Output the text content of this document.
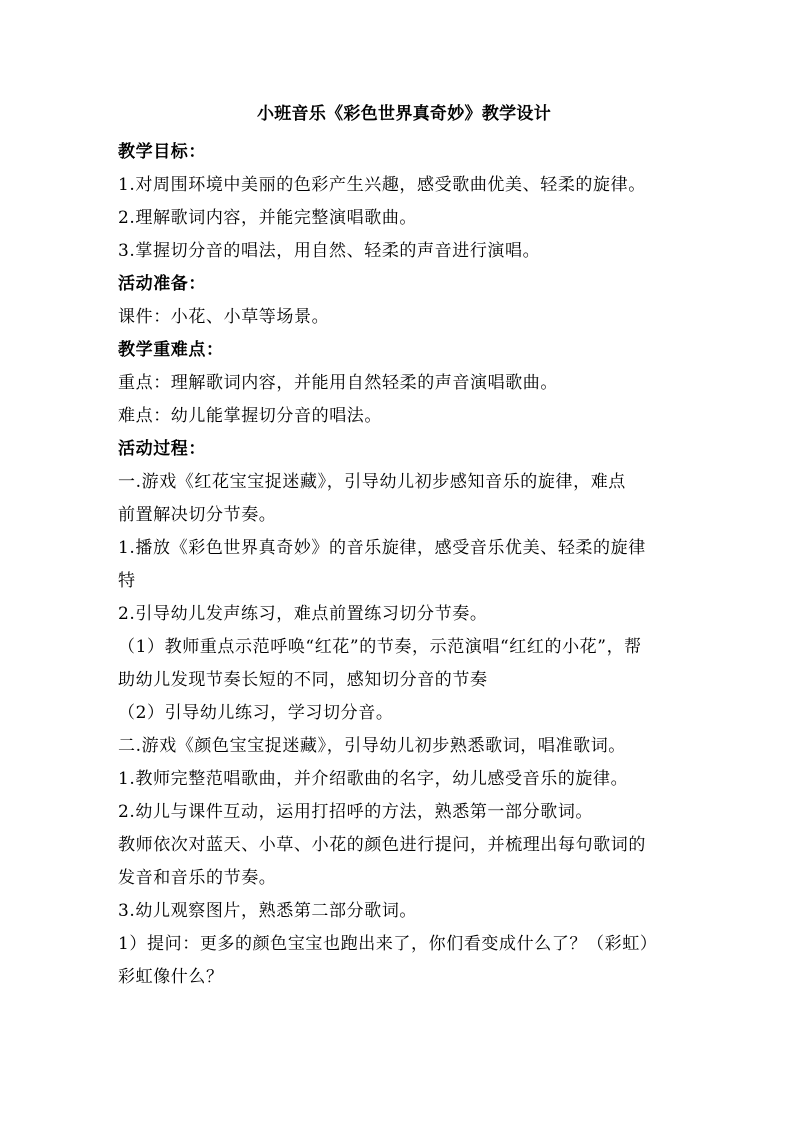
小班音乐《彩色世界真奇妙》教学设计

教学目标：

1.对周围环境中美丽的色彩产生兴趣，感受歌曲优美、轻柔的旋律。

2.理解歌词内容，并能完整演唱歌曲。

3.掌握切分音的唱法，用自然、轻柔的声音进行演唱。

活动准备：

课件：小花、小草等场景。

教学重难点：

重点：理解歌词内容，并能用自然轻柔的声音演唱歌曲。

难点：幼儿能掌握切分音的唱法。

活动过程：

一.游戏《红花宝宝捉迷藏》，引导幼儿初步感知音乐的旋律，难点

前置解决切分节奏。

1.播放《彩色世界真奇妙》的音乐旋律，感受音乐优美、轻柔的旋律

特

2.引导幼儿发声练习，难点前置练习切分节奏。

（1）教师重点示范呼唤“红花”的节奏，示范演唱“红红的小花”，帮

助幼儿发现节奏长短的不同，感知切分音的节奏

（2）引导幼儿练习，学习切分音。

二.游戏《颜色宝宝捉迷藏》，引导幼儿初步熟悉歌词，唱准歌词。

1.教师完整范唱歌曲，并介绍歌曲的名字，幼儿感受音乐的旋律。

2.幼儿与课件互动，运用打招呼的方法，熟悉第一部分歌词。

教师依次对蓝天、小草、小花的颜色进行提问，并梳理出每句歌词的

发音和音乐的节奏。

3.幼儿观察图片，熟悉第二部分歌词。

1）提问：更多的颜色宝宝也跑出来了，你们看变成什么了？（彩虹）

彩虹像什么？
